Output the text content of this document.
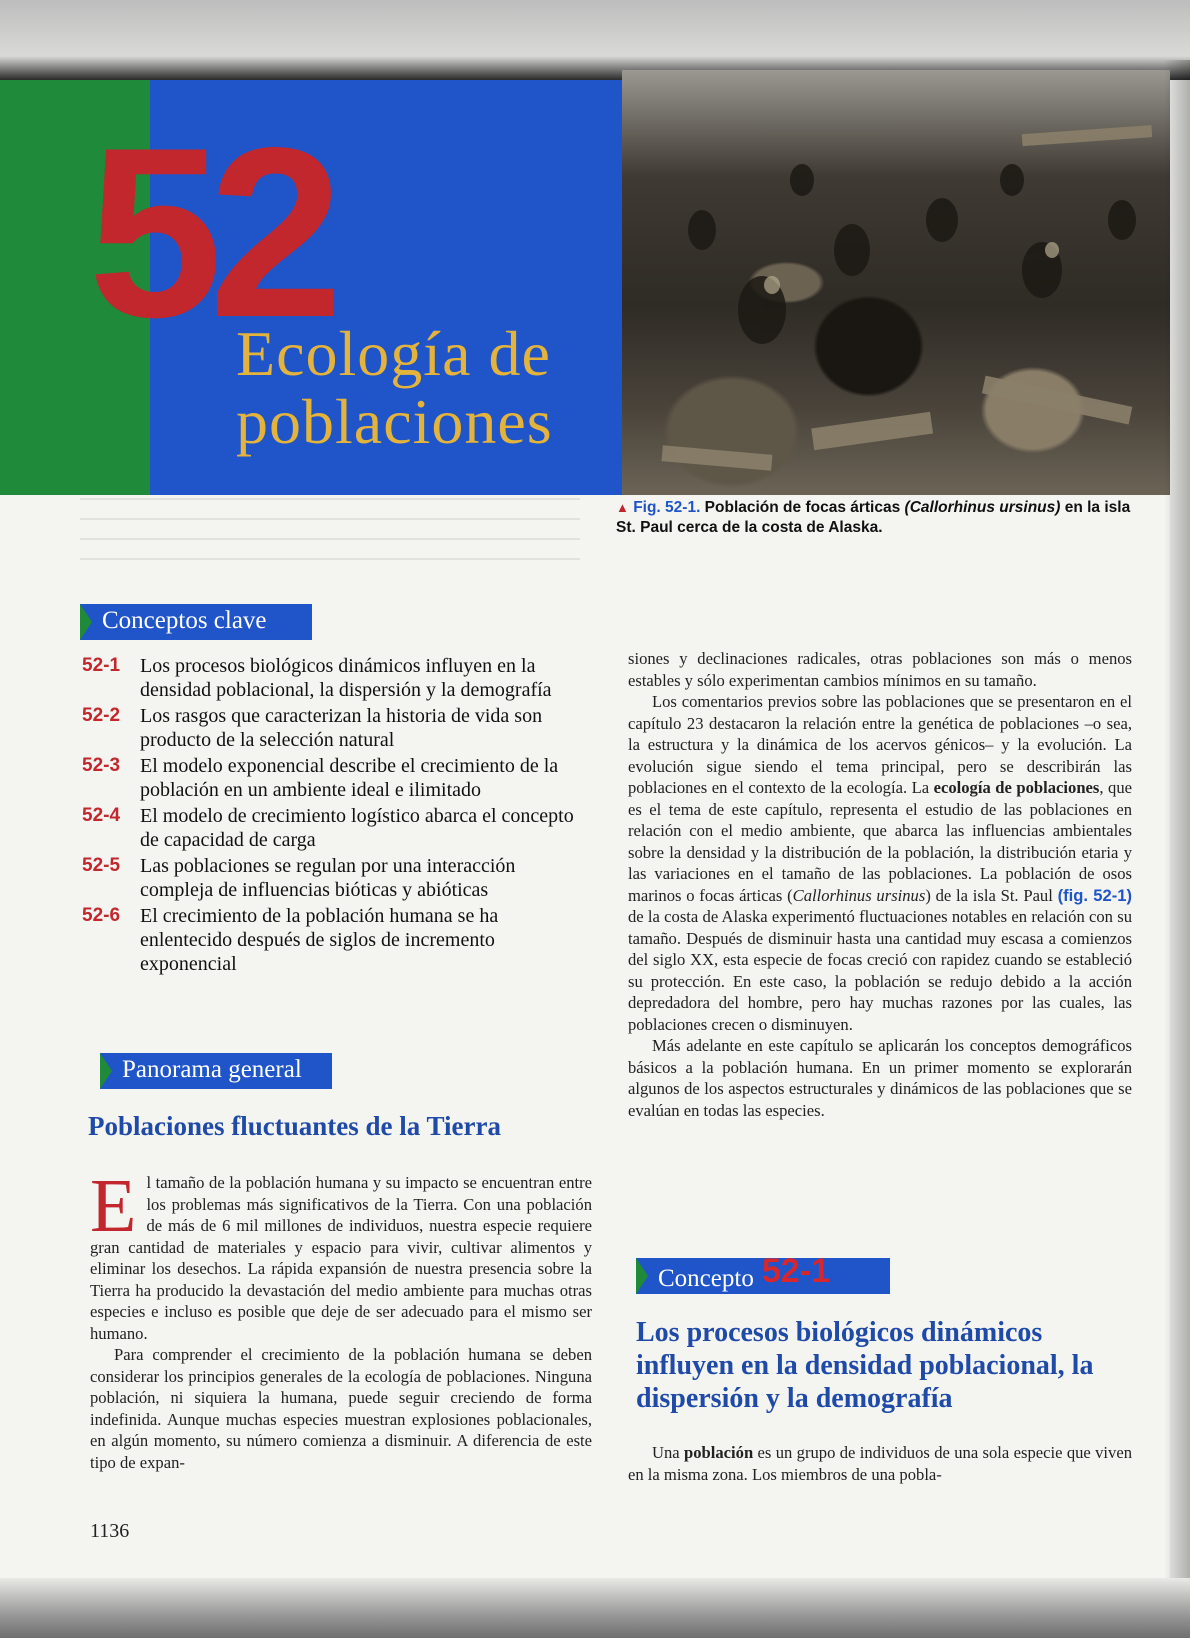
52
Ecología de
poblaciones
▲ Fig. 52-1. Población de focas árticas (Callorhinus ursinus) en la isla St. Paul cerca de la costa de Alaska.
Conceptos clave
52-1 Los procesos biológicos dinámicos influyen en la densidad poblacional, la dispersión y la demografía
52-2 Los rasgos que caracterizan la historia de vida son producto de la selección natural
52-3 El modelo exponencial describe el crecimiento de la población en un ambiente ideal e ilimitado
52-4 El modelo de crecimiento logístico abarca el concepto de capacidad de carga
52-5 Las poblaciones se regulan por una interacción compleja de influencias bióticas y abióticas
52-6 El crecimiento de la población humana se ha enlentecido después de siglos de incremento exponencial
Panorama general
Poblaciones fluctuantes de la Tierra

El tamaño de la población humana y su impacto se encuentran entre los problemas más significativos de la Tierra. Con una población de más de 6 mil millones de individuos, nuestra especie requiere gran cantidad de materiales y espacio para vivir, cultivar alimentos y eliminar los desechos. La rápida expansión de nuestra presencia sobre la Tierra ha producido la devastación del medio ambiente para muchas otras especies e incluso es posible que deje de ser adecuado para el mismo ser humano.

Para comprender el crecimiento de la población humana se deben considerar los principios generales de la ecología de poblaciones. Ninguna población, ni siquiera la humana, puede seguir creciendo de forma indefinida. Aunque muchas especies muestran explosiones poblacionales, en algún momento, su número comienza a disminuir. A diferencia de este tipo de expan-

siones y declinaciones radicales, otras poblaciones son más o menos estables y sólo experimentan cambios mínimos en su tamaño.

Los comentarios previos sobre las poblaciones que se presentaron en el capítulo 23 destacaron la relación entre la genética de poblaciones –o sea, la estructura y la dinámica de los acervos génicos– y la evolución. La evolución sigue siendo el tema principal, pero se describirán las poblaciones en el contexto de la ecología. La ecología de poblaciones, que es el tema de este capítulo, representa el estudio de las poblaciones en relación con el medio ambiente, que abarca las influencias ambientales sobre la densidad y la distribución de la población, la distribución etaria y las variaciones en el tamaño de las poblaciones. La población de osos marinos o focas árticas (Callorhinus ursinus) de la isla St. Paul (fig. 52-1) de la costa de Alaska experimentó fluctuaciones notables en relación con su tamaño. Después de disminuir hasta una cantidad muy escasa a comienzos del siglo XX, esta especie de focas creció con rapidez cuando se estableció su protección. En este caso, la población se redujo debido a la acción depredadora del hombre, pero hay muchas razones por las cuales, las poblaciones crecen o disminuyen.

Más adelante en este capítulo se aplicarán los conceptos demográficos básicos a la población humana. En un primer momento se explorarán algunos de los aspectos estructurales y dinámicos de las poblaciones que se evalúan en todas las especies.

Concepto 52-1
Los procesos biológicos dinámicos influyen en la densidad poblacional, la dispersión y la demografía

Una población es un grupo de individuos de una sola especie que viven en la misma zona. Los miembros de una pobla-

1136
